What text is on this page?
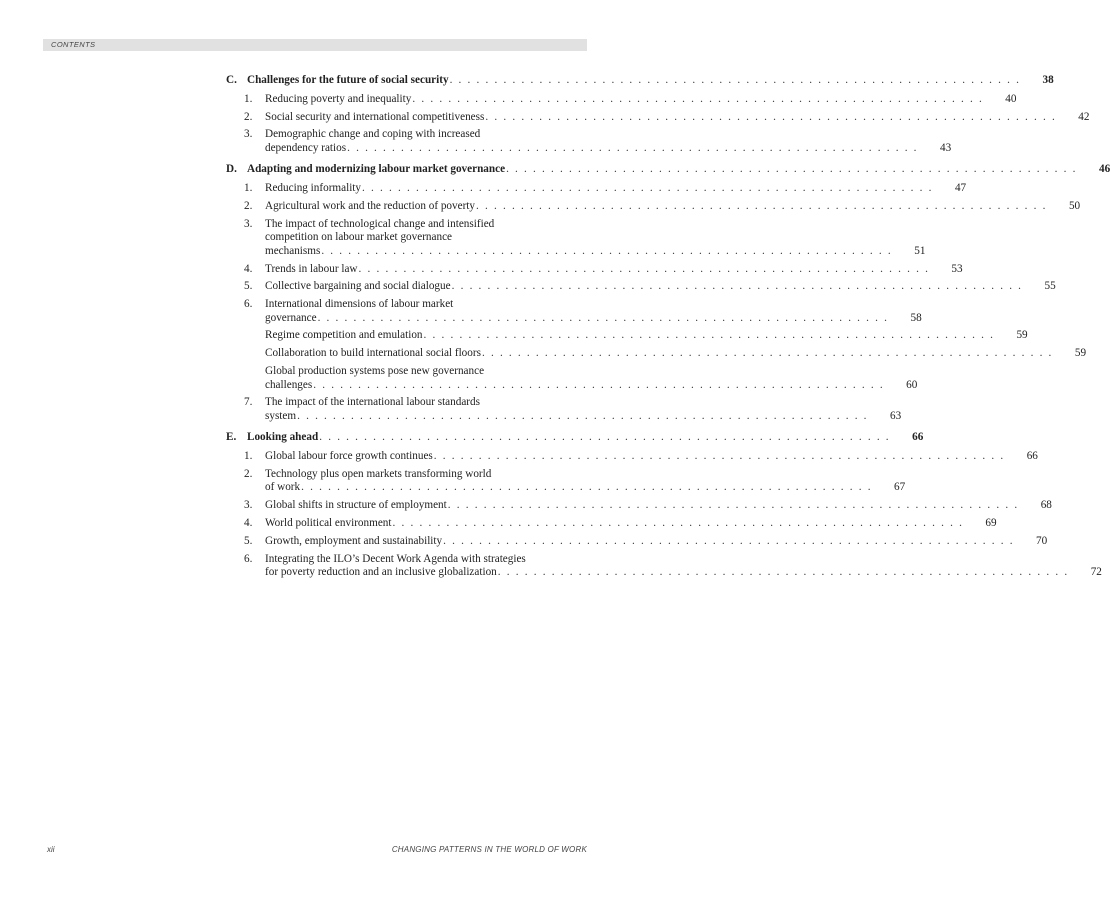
CONTENTS
C. Challenges for the future of social security . . . . . . . . . . . . . . . . . . . . . . . . . . . . . . . . . . . . . . . . . . . . . . . . . . . . . . . . . . . . . . . .	38
1.	Reducing poverty and inequality . . . . . . . . . . . . . . . . . . . . . . . . . . . . . . . . . . . . . . . . . . . . . . . . . . . . . . . . . . . . . . . .	40
2.	Social security and international competitiveness . . . . . . . . . . . . . . . . . . . . . . . . . . . . . . . . . . . . . . . . . . . . . . . . . . . . . . . . . . . . . . . .	42
3.	Demographic change and coping with increased
dependency ratios . . . . . . . . . . . . . . . . . . . . . . . . . . . . . . . . . . . . . . . . . . . . . . . . . . . . . . . . . . . . . . . .	43
D. Adapting and modernizing labour market governance . . . . . . . . . . . . . . . . . . . . . . . . . . . . . . . . . . . . . . . . . . . . . . . . . . . . . . . . . . . . . . . .	46
1.	Reducing informality . . . . . . . . . . . . . . . . . . . . . . . . . . . . . . . . . . . . . . . . . . . . . . . . . . . . . . . . . . . . . . . .	47
2.	Agricultural work and the reduction of poverty . . . . . . . . . . . . . . . . . . . . . . . . . . . . . . . . . . . . . . . . . . . . . . . . . . . . . . . . . . . . . . . .	50
3.	The impact of technological change and intensified
competition on labour market governance
mechanisms . . . . . . . . . . . . . . . . . . . . . . . . . . . . . . . . . . . . . . . . . . . . . . . . . . . . . . . . . . . . . . . .	51
4.	Trends in labour law . . . . . . . . . . . . . . . . . . . . . . . . . . . . . . . . . . . . . . . . . . . . . . . . . . . . . . . . . . . . . . . .	53
5.	Collective bargaining and social dialogue . . . . . . . . . . . . . . . . . . . . . . . . . . . . . . . . . . . . . . . . . . . . . . . . . . . . . . . . . . . . . . . .	55
6.	International dimensions of labour market
governance . . . . . . . . . . . . . . . . . . . . . . . . . . . . . . . . . . . . . . . . . . . . . . . . . . . . . . . . . . . . . . . .	58
Regime competition and emulation . . . . . . . . . . . . . . . . . . . . . . . . . . . . . . . . . . . . . . . . . . . . . . . . . . . . . . . . . . . . . . . .	59
Collaboration to build international social floors . . . . . . . . . . . . . . . . . . . . . . . . . . . . . . . . . . . . . . . . . . . . . . . . . . . . . . . . . . . . . . . .	59
Global production systems pose new governance
challenges . . . . . . . . . . . . . . . . . . . . . . . . . . . . . . . . . . . . . . . . . . . . . . . . . . . . . . . . . . . . . . . .	60
7.	The impact of the international labour standards
system . . . . . . . . . . . . . . . . . . . . . . . . . . . . . . . . . . . . . . . . . . . . . . . . . . . . . . . . . . . . . . . .	63
E. Looking ahead . . . . . . . . . . . . . . . . . . . . . . . . . . . . . . . . . . . . . . . . . . . . . . . . . . . . . . . . . . . . . . . .	66
1.	Global labour force growth continues . . . . . . . . . . . . . . . . . . . . . . . . . . . . . . . . . . . . . . . . . . . . . . . . . . . . . . . . . . . . . . . .	66
2.	Technology plus open markets transforming world
of work . . . . . . . . . . . . . . . . . . . . . . . . . . . . . . . . . . . . . . . . . . . . . . . . . . . . . . . . . . . . . . . .	67
3.	Global shifts in structure of employment . . . . . . . . . . . . . . . . . . . . . . . . . . . . . . . . . . . . . . . . . . . . . . . . . . . . . . . . . . . . . . . .	68
4.	World political environment . . . . . . . . . . . . . . . . . . . . . . . . . . . . . . . . . . . . . . . . . . . . . . . . . . . . . . . . . . . . . . . .	69
5.	Growth, employment and sustainability . . . . . . . . . . . . . . . . . . . . . . . . . . . . . . . . . . . . . . . . . . . . . . . . . . . . . . . . . . . . . . . .	70
6.	Integrating the ILO’s Decent Work Agenda with strategies
for poverty reduction and an inclusive globalization . . . . . . . . . . . . . . . . . . . . . . . . . . . . . . . . . . . . . . . . . . . . . . . . . . . . . . . . . . . . . . . .	72
xii	CHANGING PATTERNS IN THE WORLD OF WORK
